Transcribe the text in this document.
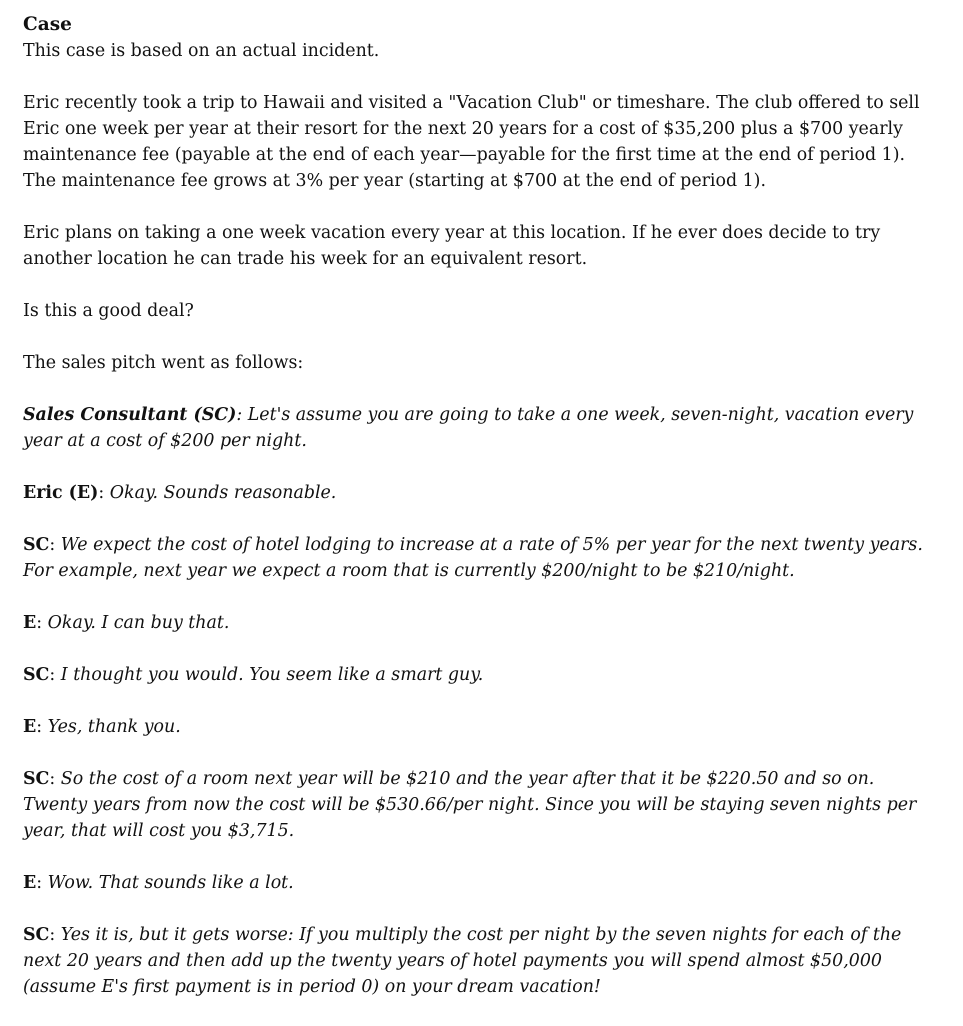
Case

This case is based on an actual incident.

Eric recently took a trip to Hawaii and visited a "Vacation Club" or timeshare. The club offered to sell Eric one week per year at their resort for the next 20 years for a cost of $35,200 plus a $700 yearly maintenance fee (payable at the end of each year—payable for the first time at the end of period 1). The maintenance fee grows at 3% per year (starting at $700 at the end of period 1).

Eric plans on taking a one week vacation every year at this location. If he ever does decide to try another location he can trade his week for an equivalent resort.

Is this a good deal?

The sales pitch went as follows:

Sales Consultant (SC): Let's assume you are going to take a one week, seven-night, vacation every year at a cost of $200 per night.

Eric (E): Okay. Sounds reasonable.

SC: We expect the cost of hotel lodging to increase at a rate of 5% per year for the next twenty years. For example, next year we expect a room that is currently $200/night to be $210/night.

E: Okay. I can buy that.

SC: I thought you would. You seem like a smart guy.

E: Yes, thank you.

SC: So the cost of a room next year will be $210 and the year after that it be $220.50 and so on. Twenty years from now the cost will be $530.66/per night. Since you will be staying seven nights per year, that will cost you $3,715.

E: Wow. That sounds like a lot.

SC: Yes it is, but it gets worse: If you multiply the cost per night by the seven nights for each of the next 20 years and then add up the twenty years of hotel payments you will spend almost $50,000 (assume E's first payment is in period 0) on your dream vacation!
